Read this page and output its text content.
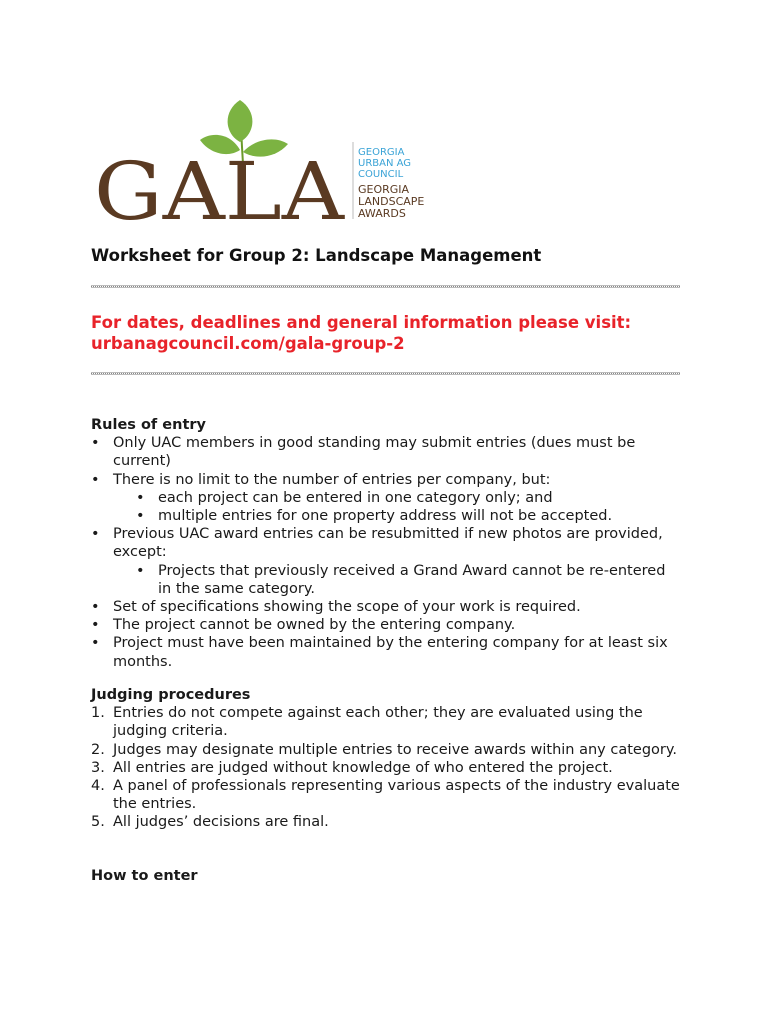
GALA GEORGIA
URBAN AG
COUNCIL
GEORGIA
LANDSCAPE
AWARDS
Worksheet for Group 2: Landscape Management
For dates, deadlines and general information please visit:
urbanagcouncil.com/gala-group-2
Rules of entry
• Only UAC members in good standing may submit entries (dues must be current)
• There is no limit to the number of entries per company, but:
• each project can be entered in one category only; and
• multiple entries for one property address will not be accepted.
• Previous UAC award entries can be resubmitted if new photos are provided, except:
• Projects that previously received a Grand Award cannot be re-entered in the same category.
• Set of specifications showing the scope of your work is required.
• The project cannot be owned by the entering company.
• Project must have been maintained by the entering company for at least six months.
Judging procedures
Entries do not compete against each other; they are evaluated using the judging criteria.
Judges may designate multiple entries to receive awards within any category.
All entries are judged without knowledge of who entered the project.
A panel of professionals representing various aspects of the industry evaluate the entries.
All judges’ decisions are final.
How to enter
